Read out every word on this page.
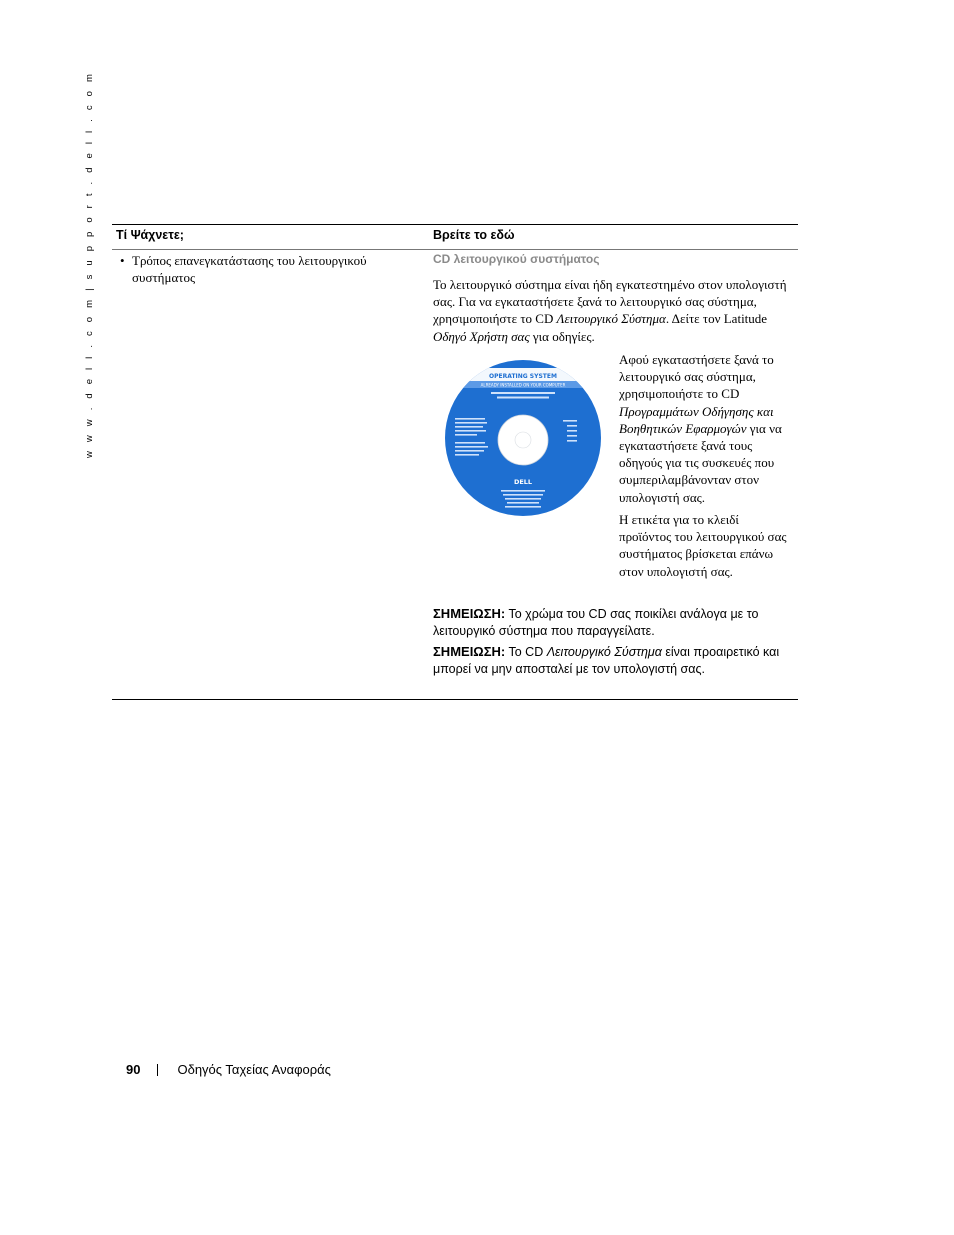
w w w . d e l l . c o m | s u p p o r t . d e l l . c o m Τί Ψάχνετε;	Βρείτε το εδώ
• Τρόπος επανεγκατάστασης του λειτουργικού συστήματος
CD λειτουργικού συστήματος
Το λειτουργικό σύστημα είναι ήδη εγκατεστημένο στον υπολογιστή σας. Για να εγκαταστήσετε ξανά το λειτουργικό σας σύστημα, χρησιμοποιήστε το CD Λειτουργικό Σύστημα. Δείτε τον Latitude Οδηγό Χρήστη σας για οδηγίες.
OPERATING SYSTEM
ALREADY INSTALLED ON YOUR COMPUTER
DELL
Αφού εγκαταστήσετε ξανά το λειτουργικό σας σύστημα, χρησιμοποιήστε το CD Προγραμμάτων Οδήγησης και Βοηθητικών Εφαρμογών για να εγκαταστήσετε ξανά τους οδηγούς για τις συσκευές που συμπεριλαμβάνονταν στον υπολογιστή σας.
Η ετικέτα για το κλειδί προϊόντος του λειτουργικού σας συστήματος βρίσκεται επάνω στον υπολογιστή σας.
ΣΗΜΕΙΩΣΗ: Το χρώμα του CD σας ποικίλει ανάλογα με το λειτουργικό σύστημα που παραγγείλατε.
ΣΗΜΕΙΩΣΗ: Το CD Λειτουργικό Σύστημα είναι προαιρετικό και μπορεί να μην αποσταλεί με τον υπολογιστή σας.
90	Οδηγός Ταχείας Αναφοράς
